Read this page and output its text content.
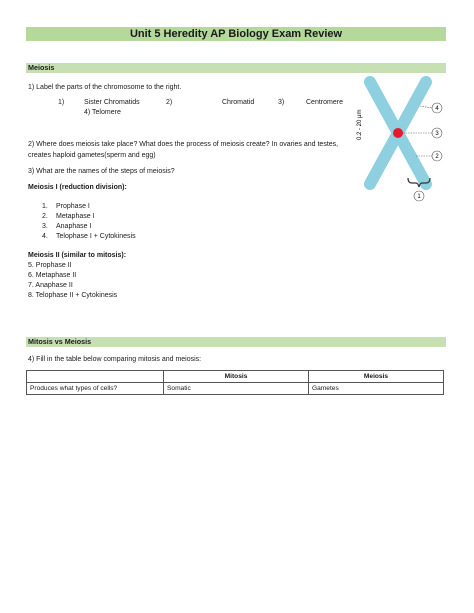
Unit 5 Heredity AP Biology Exam Review
Meiosis
1) Label the parts of the chromosome to the right.
1)	Sister Chromatids	2)	Chromatid	3)	Centromere
4) Telomere
2) Where does meiosis take place? What does the process of meiosis create? In ovaries and testes,
creates haploid gametes(sperm and egg)
3) What are the names of the steps of meiosis?
Meiosis I (reduction division):
1. Prophase I
2. Metaphase I
3. Anaphase I
4. Telophase I + Cytokinesis
Meiosis II (similar to mitosis):
5. Prophase II
6. Metaphase II
7. Anaphase II
8. Telophase II + Cytokinesis
4
3
2
1
0.2 - 20 μm
Mitosis vs Meiosis
4) Fill in the table below comparing mitosis and meiosis:
	Mitosis	Meiosis
Produces what types of cells?	Somatic	Gametes
